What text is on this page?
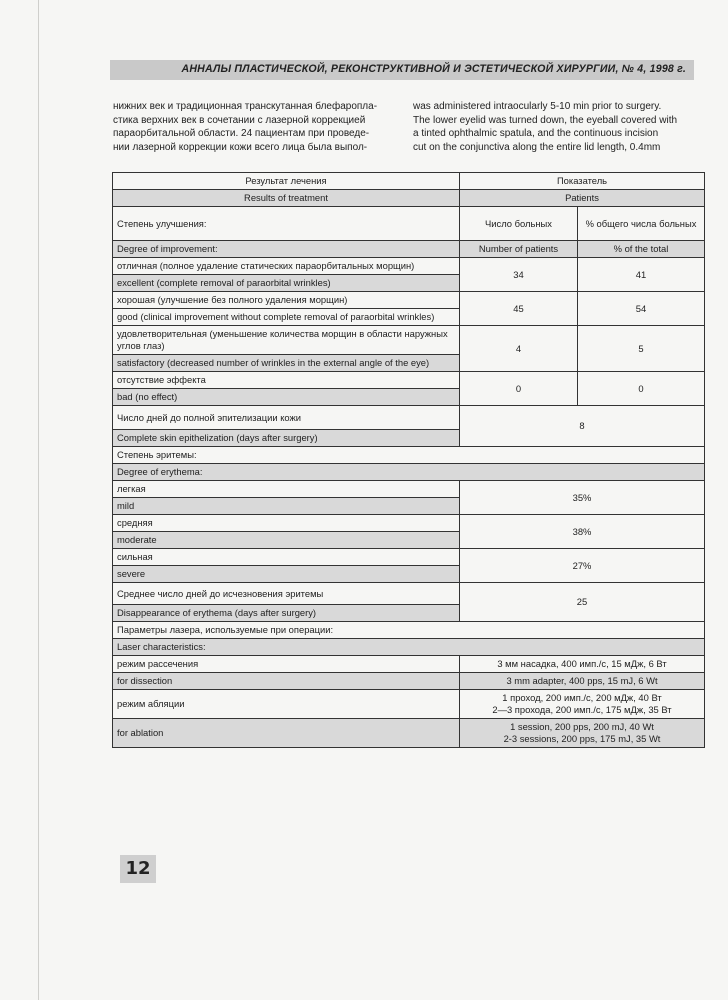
АННАЛЫ ПЛАСТИЧЕСКОЙ, РЕКОНСТРУКТИВНОЙ И ЭСТЕТИЧЕСКОЙ ХИРУРГИИ, № 4, 1998 г.
нижних век и традиционная транскутанная блефаропла-
стика верхних век в сочетании с лазерной коррекцией
параорбитальной области. 24 пациентам при проведе-
нии лазерной коррекции кожи всего лица была выпол-
was administered intraocularly 5-10 min prior to surgery.
The lower eyelid was turned down, the eyeball covered with
a tinted ophthalmic spatula, and the continuous incision
cut on the conjunctiva along the entire lid length, 0.4mm
Результат лечения	Показатель	
Results of treatment	Patients	
Степень улучшения:	Число больных	% общего числа больных
Degree of improvement:	Number of patients	% of the total
отличная (полное удаление статических параорбитальных морщин)	34	41
excellent (complete removal of paraorbital wrinkles)		
хорошая (улучшение без полного удаления морщин)	45	54
good (clinical improvement without complete removal of paraorbital wrinkles)		
удовлетворительная (уменьшение количества морщин в области наружных углов глаз)	4	5
satisfactory (decreased number of wrinkles in the external angle of the eye)		
отсутствие эффекта	0	0
bad (no effect)		
Число дней до полной эпителизации кожи	8	
Complete skin epithelization (days after surgery)		
Степень эритемы:		
Degree of erythema:		
легкая	35%	
mild		
средняя	38%	
moderate		
сильная	27%	
severe		
Среднее число дней до исчезновения эритемы	25	
Disappearance of erythema (days after surgery)		
Параметры лазера, используемые при операции:		
Laser characteristics:		
режим рассечения	3 мм насадка, 400 имп./с, 15 мДж, 6 Вт	
for dissection	3 mm adapter, 400 pps, 15 mJ, 6 Wt	
режим абляции	1 проход, 200 имп./с, 200 мДж, 40 Вт
2—3 прохода, 200 имп./с, 175 мДж, 35 Вт	

for ablation	1 session, 200 pps, 200 mJ, 40 Wt
2-3 sessions, 200 pps, 175 mJ, 35 Wt	
12
